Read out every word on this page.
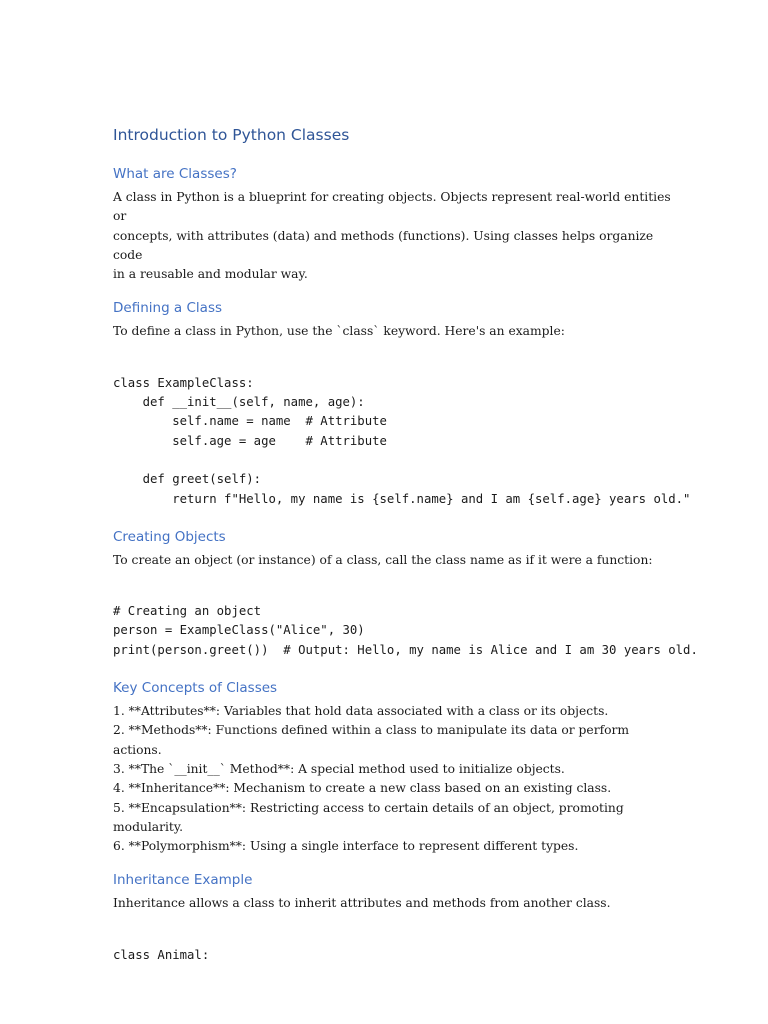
Introduction to Python Classes
What are Classes?

A class in Python is a blueprint for creating objects. Objects represent real-world entities or
concepts, with attributes (data) and methods (functions). Using classes helps organize code
in a reusable and modular way.

Defining a Class

To define a class in Python, use the `class` keyword. Here's an example:

class ExampleClass:
def __init__(self, name, age):
self.name = name  # Attribute
self.age = age    # Attribute

def greet(self):
return f"Hello, my name is {self.name} and I am {self.age} years old."
Creating Objects

To create an object (or instance) of a class, call the class name as if it were a function:

# Creating an object
person = ExampleClass("Alice", 30)
print(person.greet())  # Output: Hello, my name is Alice and I am 30 years old.
Key Concepts of Classes
1. **Attributes**: Variables that hold data associated with a class or its objects.
2. **Methods**: Functions defined within a class to manipulate its data or perform actions.
3. **The `__init__` Method**: A special method used to initialize objects.
4. **Inheritance**: Mechanism to create a new class based on an existing class.
5. **Encapsulation**: Restricting access to certain details of an object, promoting
modularity.
6. **Polymorphism**: Using a single interface to represent different types.
Inheritance Example

Inheritance allows a class to inherit attributes and methods from another class.

class Animal:
